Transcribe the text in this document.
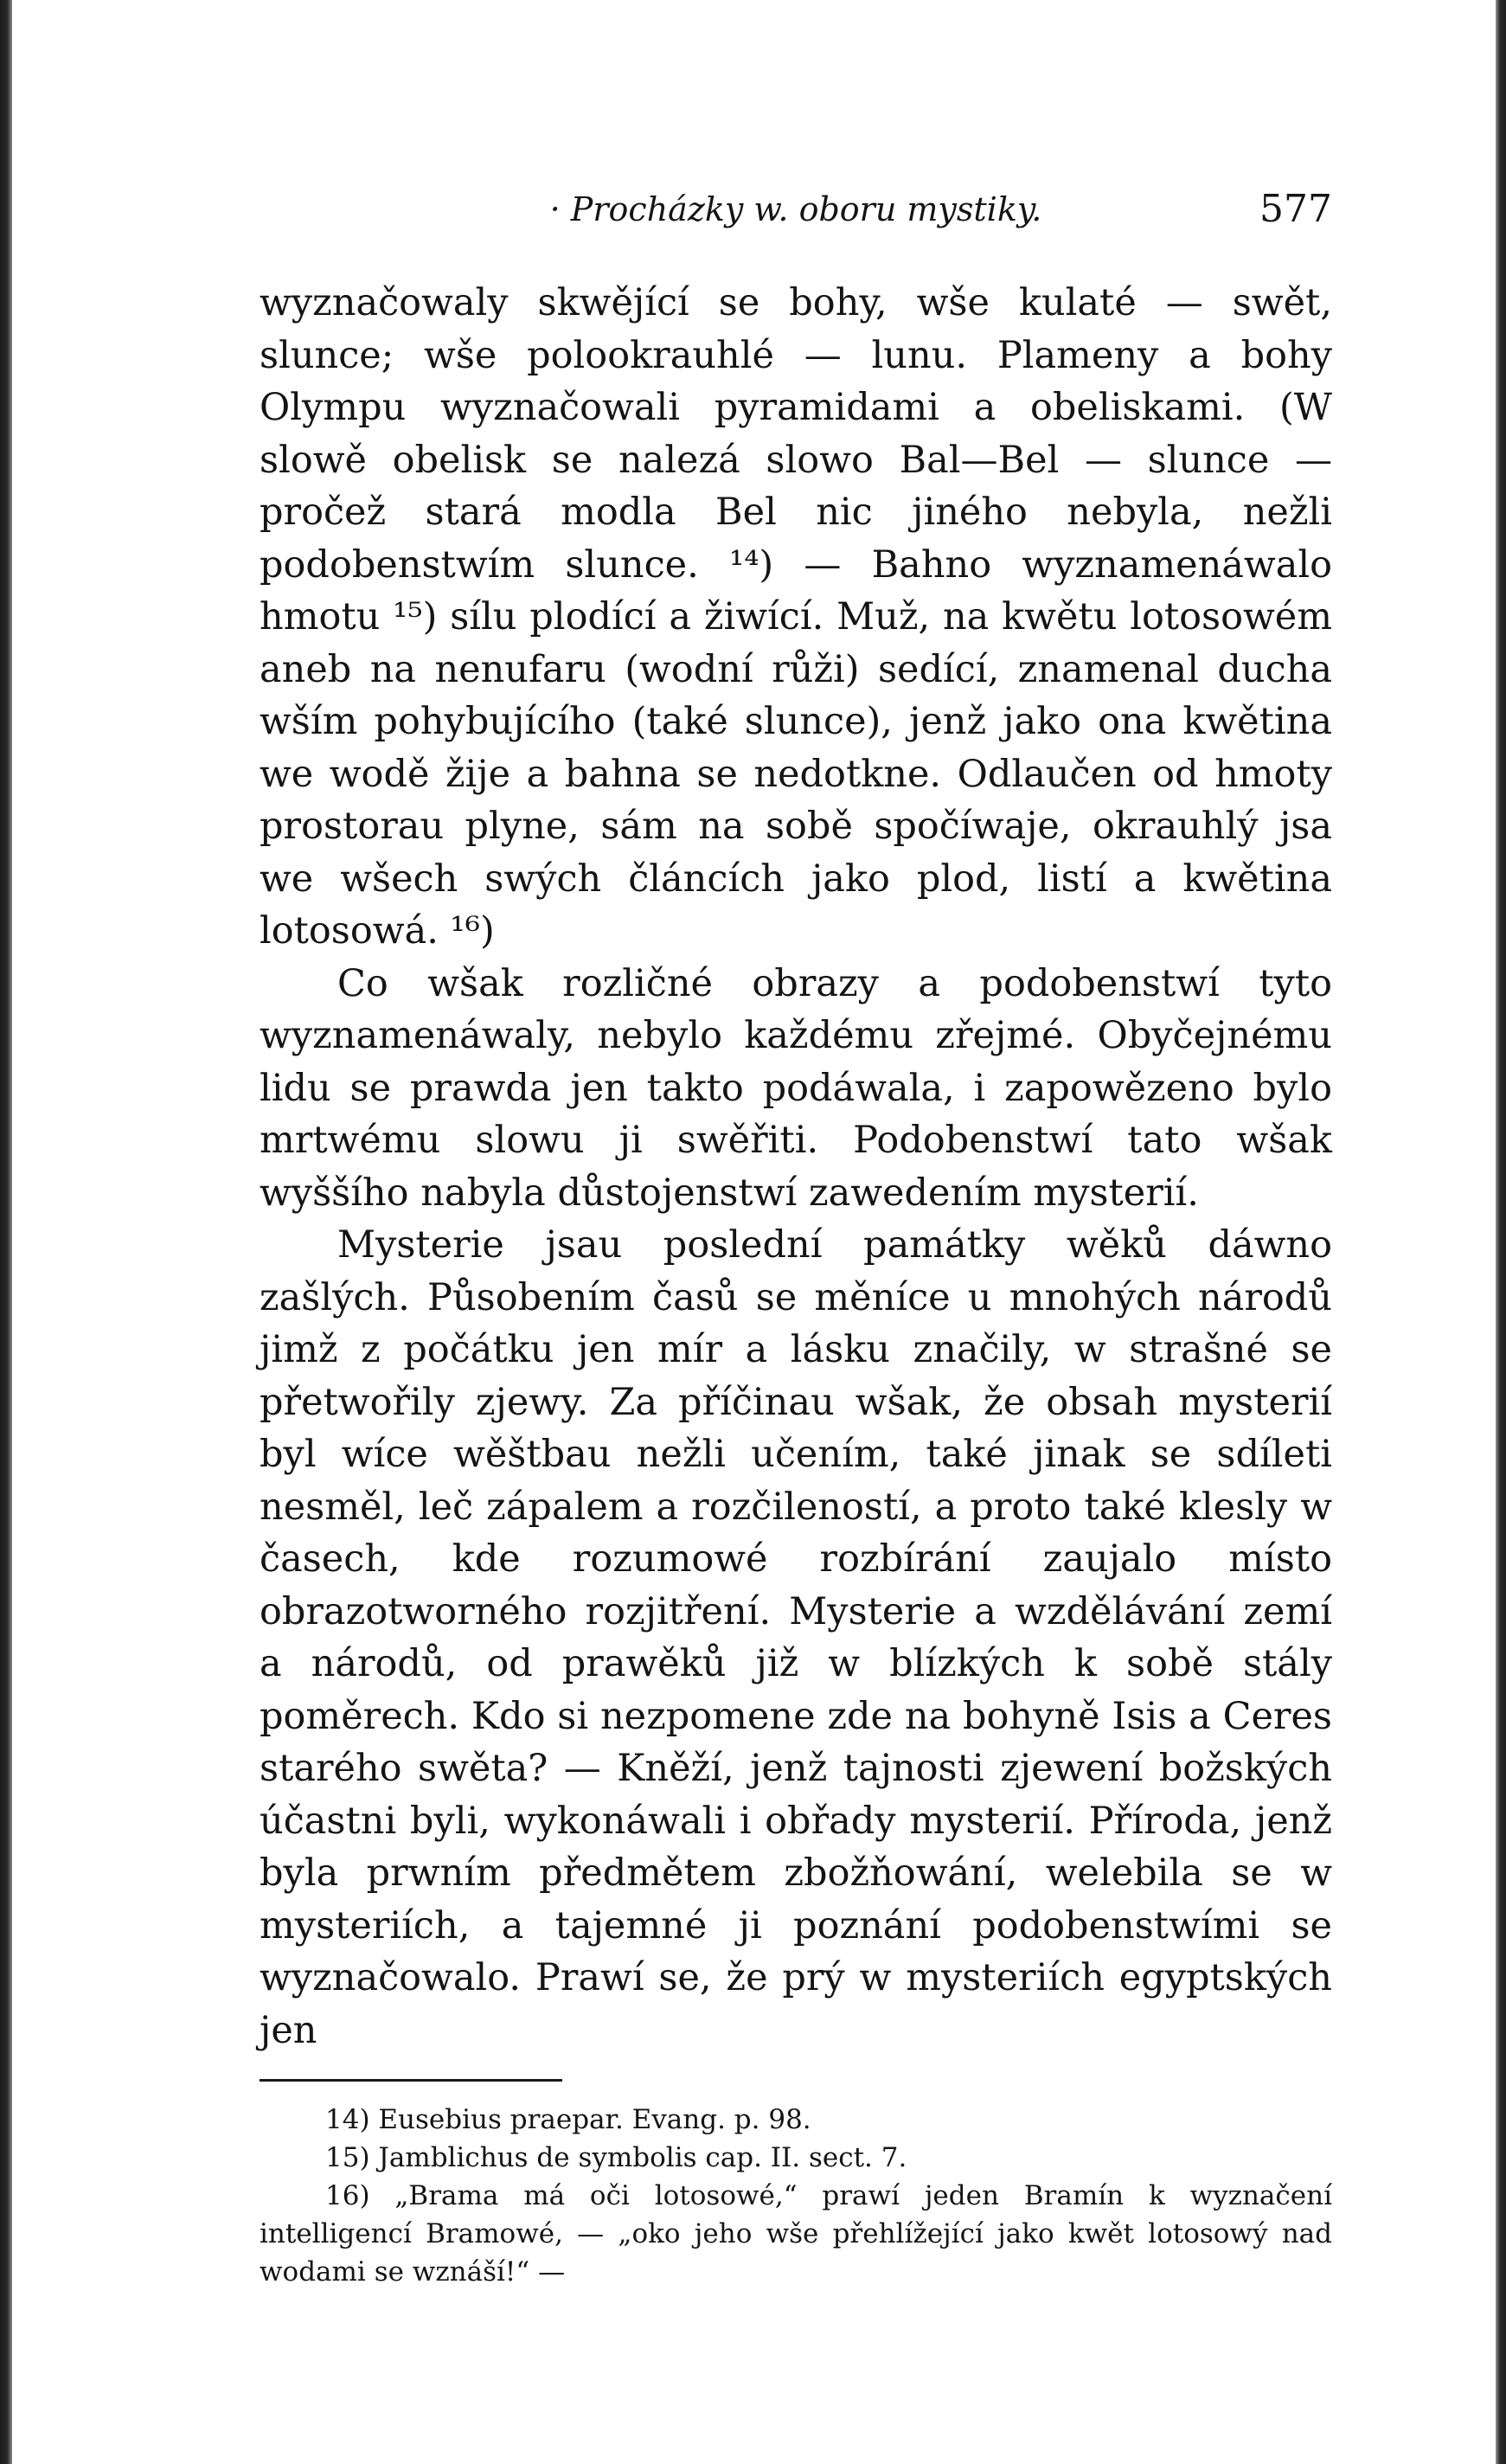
· Procházky w. oboru mystiky.	577

wyznačowaly skwějící se bohy, wše kulaté — swět, slunce; wše polookrauhlé — lunu. Plameny a bohy Olympu wyznačowali pyramidami a obeliskami. (W slowě obelisk se nalezá slowo Bal—Bel — slunce — pročež stará modla Bel nic jiného nebyla, nežli podobenstwím slunce. ¹⁴) — Bahno wyznamenáwalo hmotu ¹⁵) sílu plodící a žiwící. Muž, na kwětu lotosowém aneb na nenufaru (wodní růži) sedící, znamenal ducha wším pohybujícího (také slunce), jenž jako ona kwětina we wodě žije a bahna se nedotkne. Odlaučen od hmoty prostorau plyne, sám na sobě spočíwaje, okrauhlý jsa we wšech swých článcích jako plod, listí a kwětina lotosowá. ¹⁶)

Co wšak rozličné obrazy a podobenstwí tyto wyznamenáwaly, nebylo každému zřejmé. Obyčejnému lidu se prawda jen takto podáwala, i zapowězeno bylo mrtwému slowu ji swěřiti. Podobenstwí tato wšak wyššího nabyla důstojenstwí zawedením mysterií.

Mysterie jsau poslední památky wěků dáwno zašlých. Působením časů se měníce u mnohých národů jimž z počátku jen mír a lásku značily, w strašné se přetwořily zjewy. Za příčinau wšak, že obsah mysterií byl wíce wěštbau nežli učením, také jinak se sdíleti nesměl, leč zápalem a rozčileností, a proto také klesly w časech, kde rozumowé rozbírání zaujalo místo obrazotworného rozjitření. Mysterie a wzdělávání zemí a národů, od prawěků již w blízkých k sobě stály poměrech. Kdo si nezpomene zde na bohyně Isis a Ceres starého swěta? — Kněží, jenž tajnosti zjewení božských účastni byli, wykonáwali i obřady mysterií. Příroda, jenž byla prwním předmětem zbožňowání, welebila se w mysteriích, a tajemné ji poznání podobenstwími se wyznačowalo. Prawí se, že prý w mysteriích egyptských jen

14) Eusebius praepar. Evang. p. 98.

15) Jamblichus de symbolis cap. II. sect. 7.

16) „Brama má oči lotosowé,“ prawí jeden Bramín k wyznačení intelligencí Bramowé, — „oko jeho wše přehlížející jako kwět lotosowý nad wodami se wznáší!“ —
